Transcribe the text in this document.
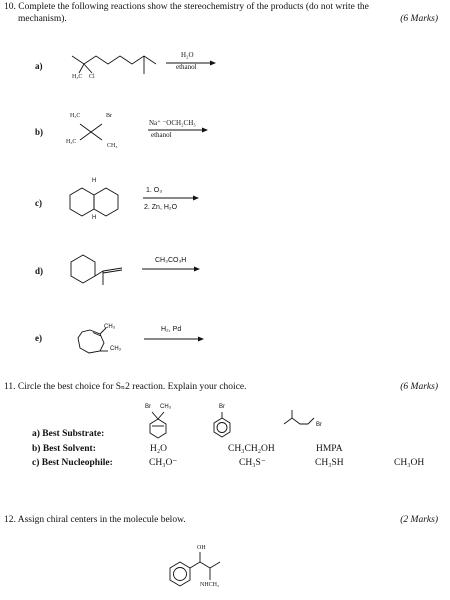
10. Complete the following reactions show the stereochemistry of the products (do not write the
mechanism).	(6 Marks)
a)
H₃C Cl
H₂O
ethanol
b)
H₃C	Br
H₃C
CH₃
Na⁺ ⁻OCH₂CH₃
ethanol
c)
H
H
1. O₃
2. Zn, H₂O
d)
CH₃CO₃H
e)
CH₃
CH₃
H₂, Pd
11. Circle the best choice for Sₙ2 reaction. Explain your choice.	(6 Marks)
Br CH₃	Br
Br
a) Best Substrate:
b) Best Solvent:	H₂O	CH₃CH₂OH	HMPA
c) Best Nucleophile:	CH₃O⁻	CH₃S⁻	CH₃SH	CH₃OH
12. Assign chiral centers in the molecule below.	(2 Marks)
OH
NHCH₃
